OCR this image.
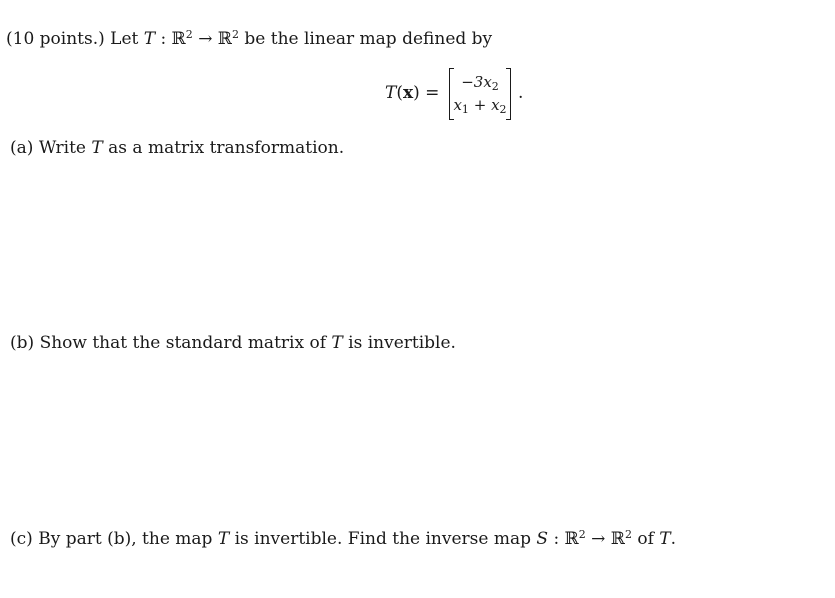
(10 points.) Let T : ℝ$^2$ → ℝ$^2$ be the linear map defined by
T(x) =
$-3x_2$
$x_1 + x_2$
.
(a) Write T as a matrix transformation.
(b) Show that the standard matrix of T is invertible.
(c) By part (b), the map T is invertible. Find the inverse map S : ℝ$^2$ → ℝ$^2$ of T.
